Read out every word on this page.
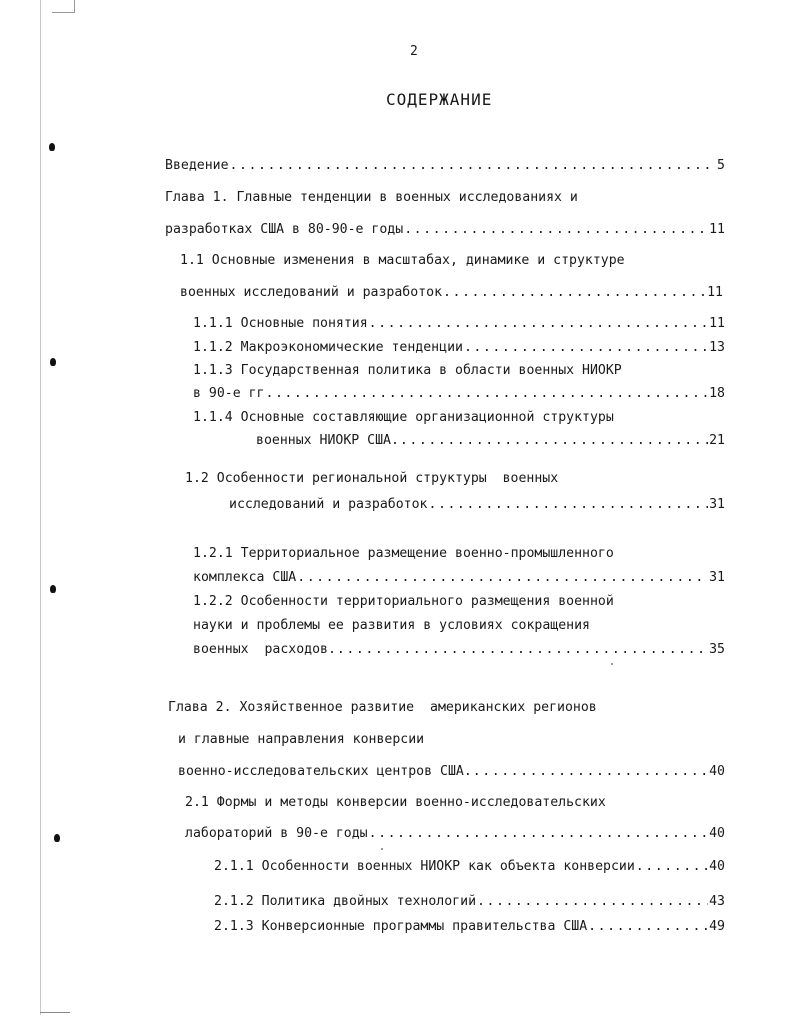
2
СОДЕРЖАНИЕ
Введение . . .	5
Глава 1. Главные тенденции в военных исследованиях и
разработках США в 80-90-е годы . . .	11
1.1 Основные изменения в масштабах, динамике и структуре
военных исследований и разработок . . .	11
1.1.1 Основные понятия . . .	11
1.1.2 Макроэкономические тенденции . . .	13
1.1.3 Государственная политика в области военных НИОКР
в 90-е гг . . .	18
1.1.4 Основные составляющие организационной структуры
военных НИОКР США. . . .	21
1.2 Особенности региональной структуры  военных
исследований и разработок . . .	31
1.2.1 Территориальное размещение военно-промышленного
комплекса США . . .	31
1.2.2 Особенности территориального размещения военной
науки и проблемы ее развития в условиях сокращения
военных  расходов. . . .	35
Глава 2. Хозяйственное развитие  американских регионов
и главные направления конверсии
военно-исследовательских центров США. . . .	40
2.1 Формы и методы конверсии военно-исследовательских
лабораторий в 90-е годы . . .	40
2.1.1 Особенности военных НИОКР как объекта конверсии . . .	40
2.1.2 Политика двойных технологий . . .	43
2.1.3 Конверсионные программы правительства США . . .	49
